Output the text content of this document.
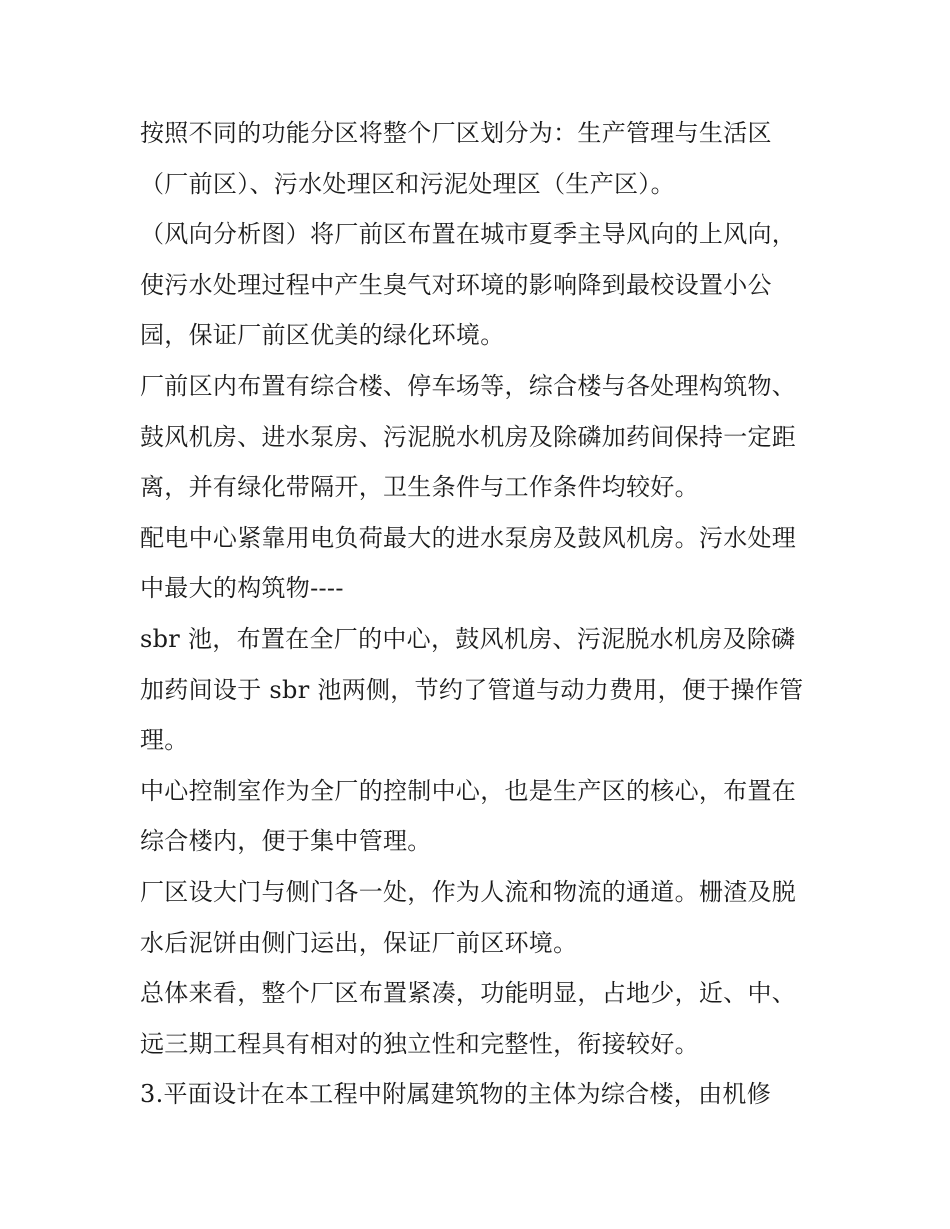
按照不同的功能分区将整个厂区划分为：生产管理与生活区
（厂前区）、污水处理区和污泥处理区（生产区）。
（风向分析图）将厂前区布置在城市夏季主导风向的上风向，
使污水处理过程中产生臭气对环境的影响降到最校设置小公
园，保证厂前区优美的绿化环境。
厂前区内布置有综合楼、停车场等，综合楼与各处理构筑物、
鼓风机房、进水泵房、污泥脱水机房及除磷加药间保持一定距
离，并有绿化带隔开，卫生条件与工作条件均较好。
配电中心紧靠用电负荷最大的进水泵房及鼓风机房。污水处理
中最大的构筑物----
sbr 池，布置在全厂的中心，鼓风机房、污泥脱水机房及除磷
加药间设于 sbr 池两侧，节约了管道与动力费用，便于操作管
理。
中心控制室作为全厂的控制中心，也是生产区的核心，布置在
综合楼内，便于集中管理。
厂区设大门与侧门各一处，作为人流和物流的通道。栅渣及脱
水后泥饼由侧门运出，保证厂前区环境。
总体来看，整个厂区布置紧凑，功能明显，占地少，近、中、
远三期工程具有相对的独立性和完整性，衔接较好。
3.平面设计在本工程中附属建筑物的主体为综合楼，由机修
